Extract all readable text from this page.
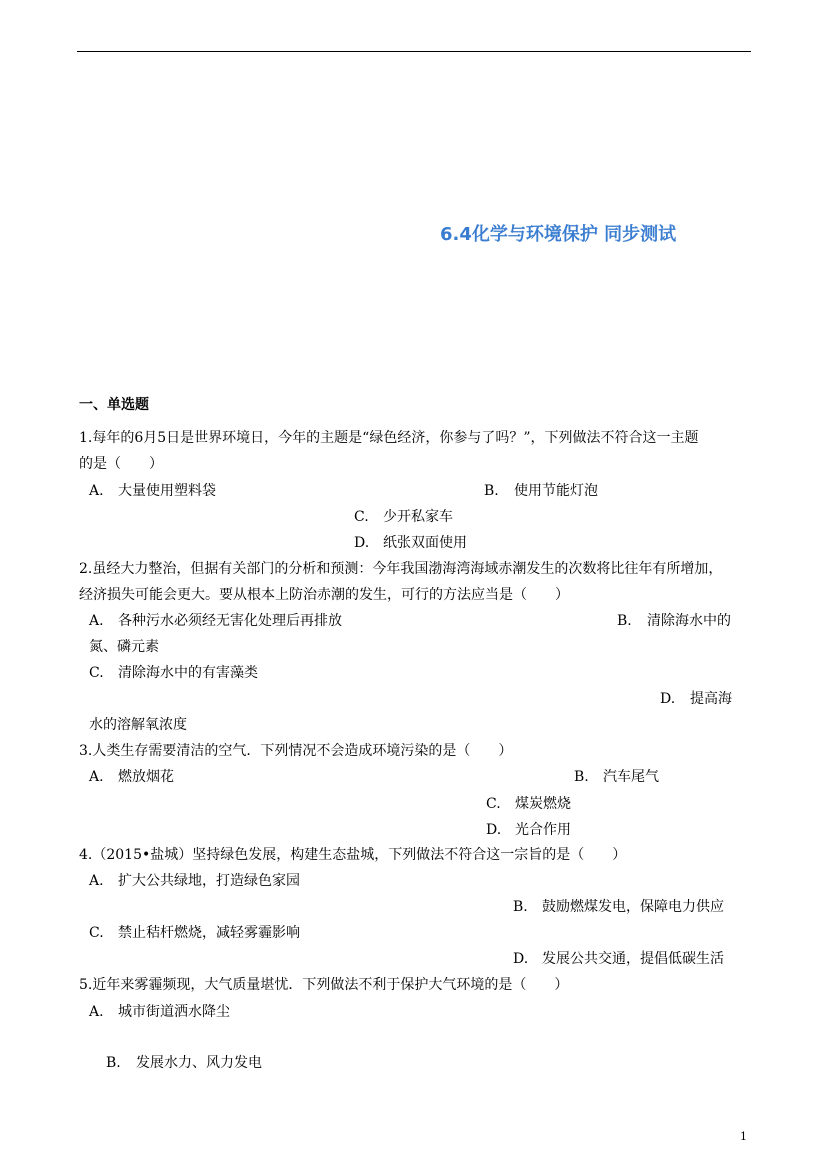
6.4化学与环境保护 同步测试
一、单选题
1.每年的6月5日是世界环境日，今年的主题是“绿色经济，你参与了吗？”，下列做法不符合这一主题
的是（　　）
A. 大量使用塑料袋	B. 使用节能灯泡
C. 少开私家车
D. 纸张双面使用
2.虽经大力整治，但据有关部门的分析和预测：今年我国渤海湾海域赤潮发生的次数将比往年有所增加，
经济损失可能会更大。要从根本上防治赤潮的发生，可行的方法应当是（　　）
A. 各种污水必须经无害化处理后再排放	B. 清除海水中的
氮、磷元素
C. 清除海水中的有害藻类
D. 提高海
水的溶解氧浓度
3.人类生存需要清洁的空气．下列情况不会造成环境污染的是（　　）
A. 燃放烟花	B. 汽车尾气
C. 煤炭燃烧
D. 光合作用
4.（2015•盐城）坚持绿色发展，构建生态盐城，下列做法不符合这一宗旨的是（　　）
A. 扩大公共绿地，打造绿色家园
B. 鼓励燃煤发电，保障电力供应
C. 禁止秸杆燃烧，减轻雾霾影响
D. 发展公共交通，提倡低碳生活
5.近年来雾霾频现，大气质量堪忧．下列做法不利于保护大气环境的是（　　）
A. 城市街道洒水降尘
B. 发展水力、风力发电
1
